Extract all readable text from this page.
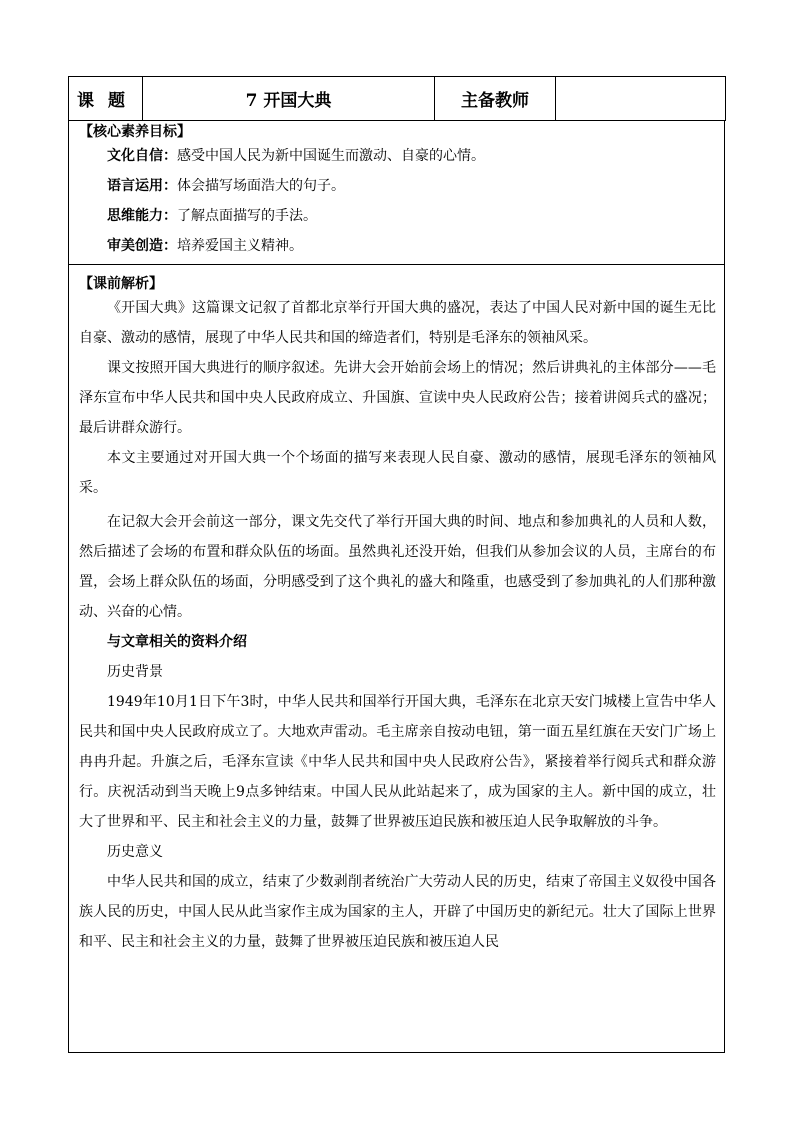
课题	7 开国大典	主备教师	
【核心素养目标】
文化自信：感受中国人民为新中国诞生而激动、自豪的心情。
语言运用：体会描写场面浩大的句子。
思维能力：了解点面描写的手法。
审美创造：培养爱国主义精神。
【课前解析】

《开国大典》这篇课文记叙了首都北京举行开国大典的盛况，表达了中国人民对新中国的诞生无比自豪、激动的感情，展现了中华人民共和国的缔造者们，特别是毛泽东的领袖风采。

课文按照开国大典进行的顺序叙述。先讲大会开始前会场上的情况；然后讲典礼的主体部分——毛泽东宣布中华人民共和国中央人民政府成立、升国旗、宣读中央人民政府公告；接着讲阅兵式的盛况；最后讲群众游行。

本文主要通过对开国大典一个个场面的描写来表现人民自豪、激动的感情，展现毛泽东的领袖风采。

在记叙大会开会前这一部分，课文先交代了举行开国大典的时间、地点和参加典礼的人员和人数，然后描述了会场的布置和群众队伍的场面。虽然典礼还没开始，但我们从参加会议的人员，主席台的布置，会场上群众队伍的场面，分明感受到了这个典礼的盛大和隆重，也感受到了参加典礼的人们那种激动、兴奋的心情。

与文章相关的资料介绍

历史背景

1949年10月1日下午3时，中华人民共和国举行开国大典，毛泽东在北京天安门城楼上宣告中华人民共和国中央人民政府成立了。大地欢声雷动。毛主席亲自按动电钮，第一面五星红旗在天安门广场上冉冉升起。升旗之后，毛泽东宣读《中华人民共和国中央人民政府公告》，紧接着举行阅兵式和群众游行。庆祝活动到当天晚上9点多钟结束。中国人民从此站起来了，成为国家的主人。新中国的成立，壮大了世界和平、民主和社会主义的力量，鼓舞了世界被压迫民族和被压迫人民争取解放的斗争。

历史意义

中华人民共和国的成立，结束了少数剥削者统治广大劳动人民的历史，结束了帝国主义奴役中国各族人民的历史，中国人民从此当家作主成为国家的主人，开辟了中国历史的新纪元。壮大了国际上世界和平、民主和社会主义的力量，鼓舞了世界被压迫民族和被压迫人民
